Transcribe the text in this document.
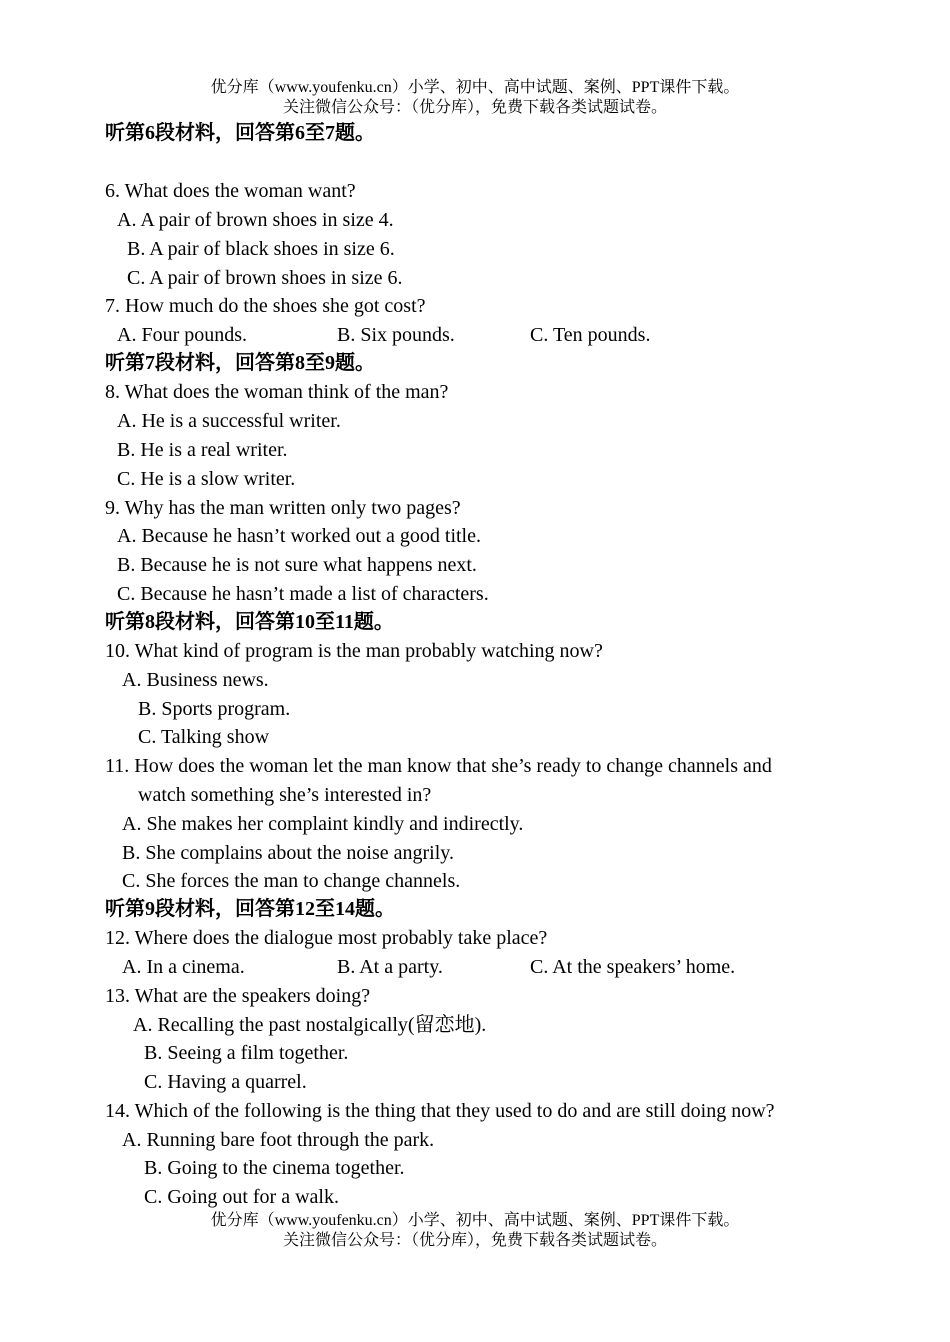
优分库（www.youfenku.cn）小学、初中、高中试题、案例、PPT课件下载。
关注微信公众号：（优分库），免费下载各类试题试卷。
听第6段材料，回答第6至7题。
6. What does the woman want?
A. A pair of brown shoes in size 4.
B. A pair of black shoes in size 6.
C. A pair of brown shoes in size 6.
7. How much do the shoes she got cost?
A. Four pounds.	B. Six pounds.	C. Ten pounds.
听第7段材料，回答第8至9题。
8. What does the woman think of the man?
A. He is a successful writer.
B. He is a real writer.
C. He is a slow writer.
9. Why has the man written only two pages?
A. Because he hasn’t worked out a good title.
B. Because he is not sure what happens next.
C. Because he hasn’t made a list of characters.
听第8段材料，回答第10至11题。
10. What kind of program is the man probably watching now?
A. Business news.
B. Sports program.
C. Talking show
11. How does the woman let the man know that she’s ready to change channels and
watch something she’s interested in?
A. She makes her complaint kindly and indirectly.
B. She complains about the noise angrily.
C. She forces the man to change channels.
听第9段材料，回答第12至14题。
12. Where does the dialogue most probably take place?
A. In a cinema.	B. At a party.	C. At the speakers’ home.
13. What are the speakers doing?
A. Recalling the past nostalgically(留恋地).
B. Seeing a film together.
C. Having a quarrel.
14. Which of the following is the thing that they used to do and are still doing now?
A. Running bare foot through the park.
B. Going to the cinema together.
C. Going out for a walk.
优分库（www.youfenku.cn）小学、初中、高中试题、案例、PPT课件下载。
关注微信公众号：（优分库），免费下载各类试题试卷。
